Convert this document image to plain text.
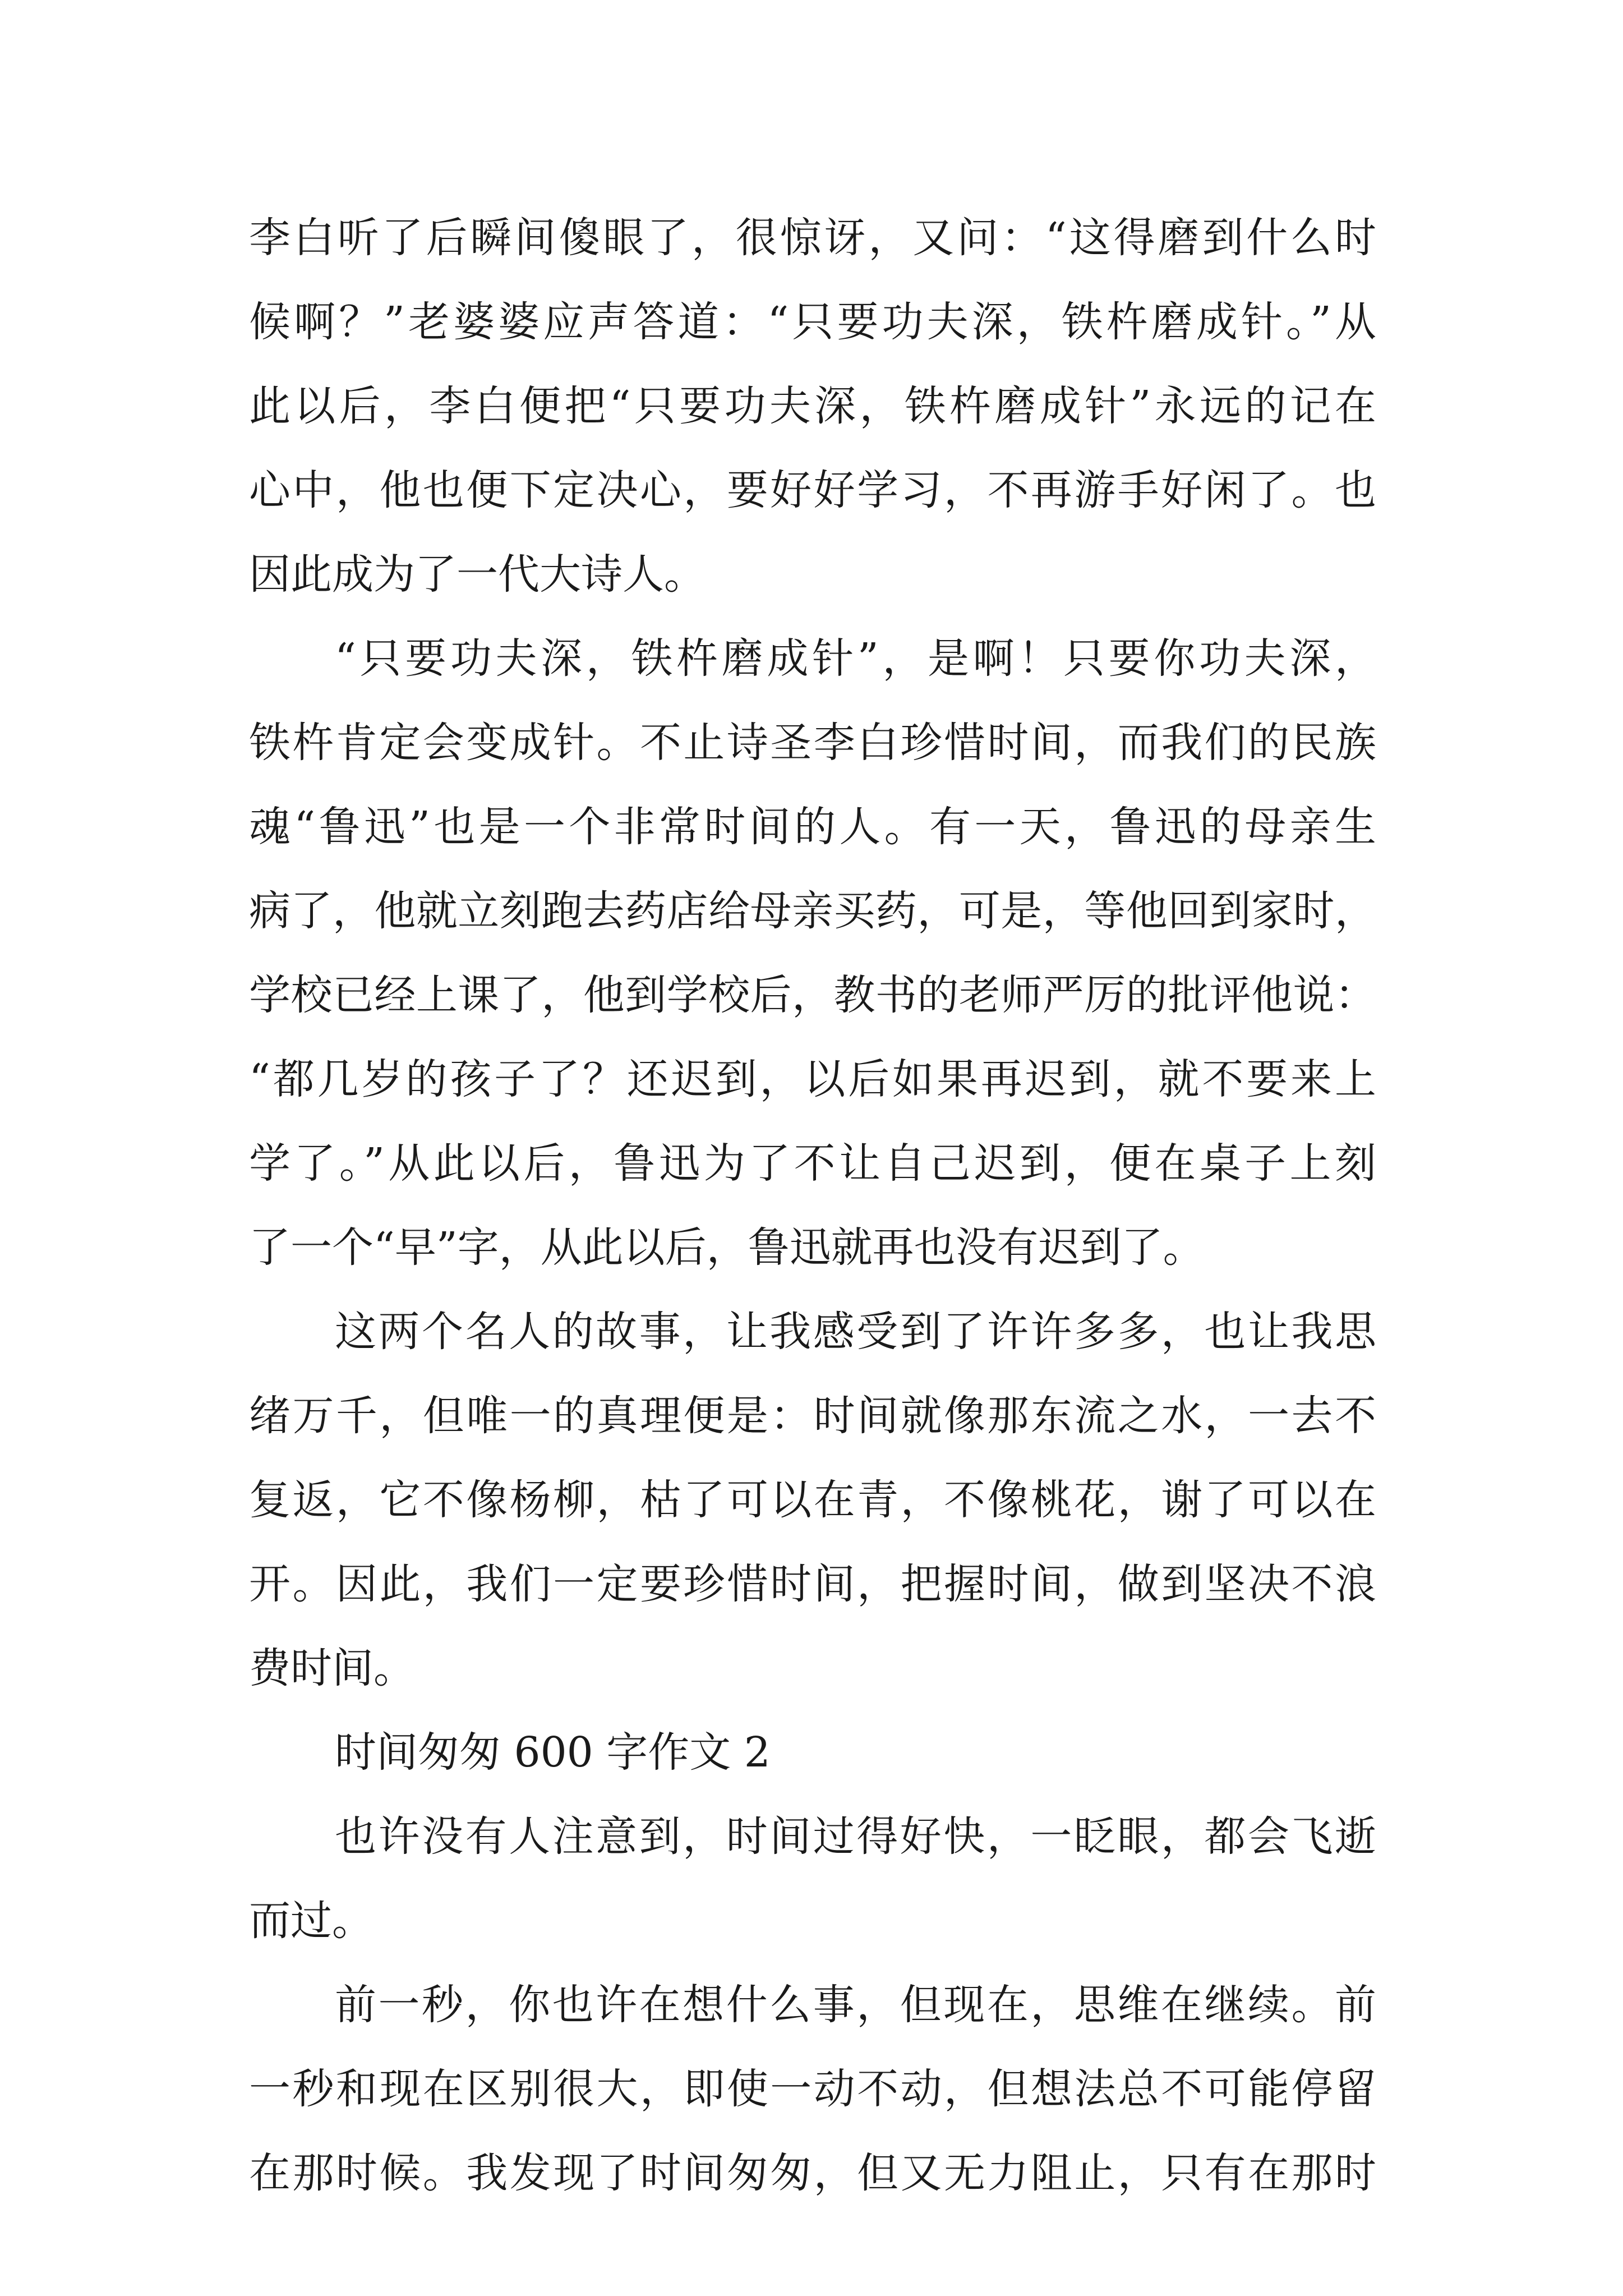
李白听了后瞬间傻眼了，很惊讶，又问：“这得磨到什么时
候啊？”老婆婆应声答道：“只要功夫深，铁杵磨成针。”从
此以后，李白便把“只要功夫深，铁杵磨成针”永远的记在
心中，他也便下定决心，要好好学习，不再游手好闲了。也
因此成为了一代大诗人。
“只要功夫深，铁杵磨成针”，是啊！只要你功夫深，
铁杵肯定会变成针。不止诗圣李白珍惜时间，而我们的民族
魂“鲁迅”也是一个非常时间的人。有一天，鲁迅的母亲生
病了，他就立刻跑去药店给母亲买药，可是，等他回到家时，
学校已经上课了，他到学校后，教书的老师严厉的批评他说：
“都几岁的孩子了？还迟到，以后如果再迟到，就不要来上
学了。”从此以后，鲁迅为了不让自己迟到，便在桌子上刻
了一个“早”字，从此以后，鲁迅就再也没有迟到了。
这两个名人的故事，让我感受到了许许多多，也让我思
绪万千，但唯一的真理便是：时间就像那东流之水，一去不
复返，它不像杨柳，枯了可以在青，不像桃花，谢了可以在
开。因此，我们一定要珍惜时间，把握时间，做到坚决不浪
费时间。
时间匆匆 600 字作文 2
也许没有人注意到，时间过得好快，一眨眼，都会飞逝
而过。
前一秒，你也许在想什么事，但现在，思维在继续。前
一秒和现在区别很大，即使一动不动，但想法总不可能停留
在那时候。我发现了时间匆匆，但又无力阻止，只有在那时
